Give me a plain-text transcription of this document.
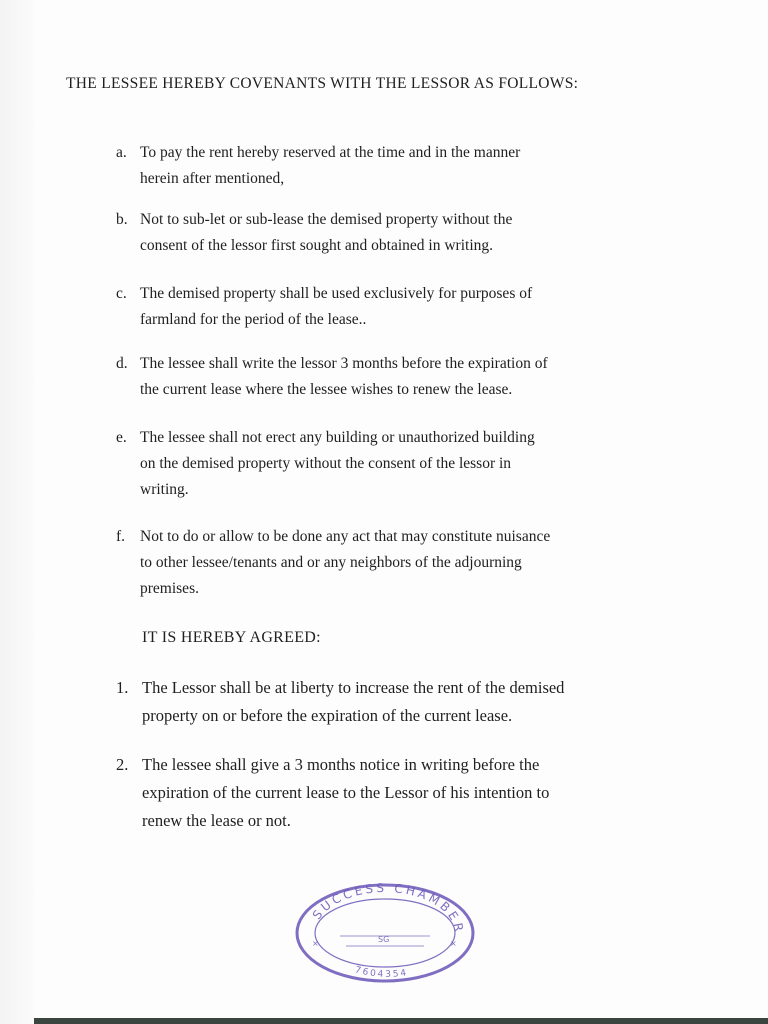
THE LESSEE HEREBY COVENANTS WITH THE LESSOR AS FOLLOWS:
a. To pay the rent hereby reserved at the time and in the manner
herein after mentioned,
b. Not to sub-let or sub-lease the demised property without the
consent of the lessor first sought and obtained in writing.
c. The demised property shall be used exclusively for purposes of
farmland for the period of the lease..
d. The lessee shall write the lessor 3 months before the expiration of
the current lease where the lessee wishes to renew the lease.
e. The lessee shall not erect any building or unauthorized building
on the demised property without the consent of the lessor in
writing.
f. Not to do or allow to be done any act that may constitute nuisance
to other lessee/tenants and or any neighbors of the adjourning
premises.
IT IS HEREBY AGREED:
1. The Lessor shall be at liberty to increase the rent of the demised
property on or before the expiration of the current lease.
2. The lessee shall give a 3 months notice in writing before the
expiration of the current lease to the Lessor of his intention to
renew the lease or not.
SUCCESS CHAMBER
7604354
SG
×	×
